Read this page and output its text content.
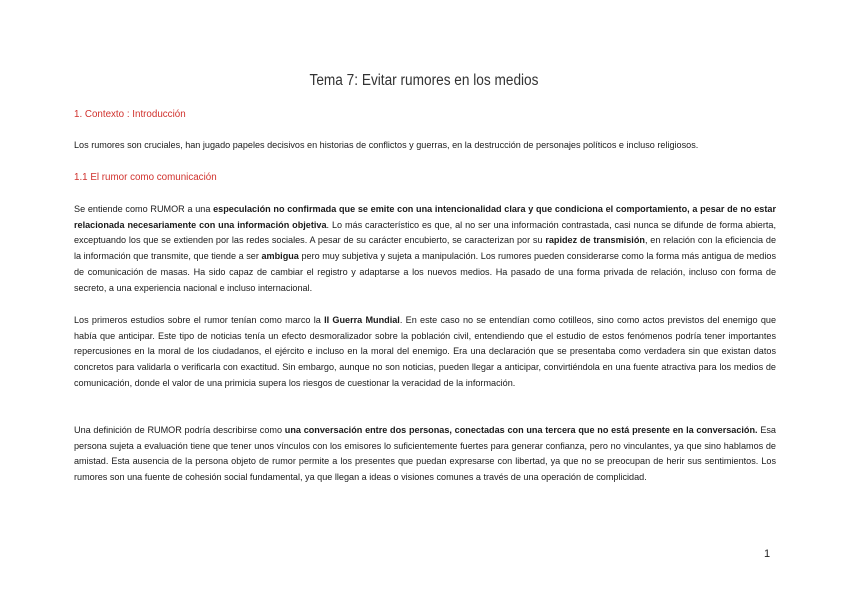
Tema 7: Evitar rumores en los medios
1. Contexto : Introducción

Los rumores son cruciales, han jugado papeles decisivos en historias de conflictos y guerras, en la destrucción de personajes políticos e incluso religiosos.

1.1 El rumor como comunicación

Se entiende como RUMOR a una especulación no confirmada que se emite con una intencionalidad clara y que condiciona el comportamiento, a pesar de no estar relacionada necesariamente con una información objetiva. Lo más característico es que, al no ser una información contrastada, casi nunca se difunde de forma abierta, exceptuando los que se extienden por las redes sociales. A pesar de su carácter encubierto, se caracterizan por su rapidez de transmisión, en relación con la eficiencia de la información que transmite, que tiende a ser ambigua pero muy subjetiva y sujeta a manipulación. Los rumores pueden considerarse como la forma más antigua de medios de comunicación de masas. Ha sido capaz de cambiar el registro y adaptarse a los nuevos medios. Ha pasado de una forma privada de relación, incluso con forma de secreto, a una experiencia nacional e incluso internacional.

Los primeros estudios sobre el rumor tenían como marco la II Guerra Mundial. En este caso no se entendían como cotilleos, sino como actos previstos del enemigo que había que anticipar. Este tipo de noticias tenía un efecto desmoralizador sobre la población civil, entendiendo que el estudio de estos fenómenos podría tener importantes repercusiones en la moral de los ciudadanos, el ejército e incluso en la moral del enemigo. Era una declaración que se presentaba como verdadera sin que existan datos concretos para validarla o verificarla con exactitud. Sin embargo, aunque no son noticias, pueden llegar a anticipar, convirtiéndola en una fuente atractiva para los medios de comunicación, donde el valor de una primicia supera los riesgos de cuestionar la veracidad de la información.

Una definición de RUMOR podría describirse como una conversación entre dos personas, conectadas con una tercera que no está presente en la conversación. Esa persona sujeta a evaluación tiene que tener unos vínculos con los emisores lo suficientemente fuertes para generar confianza, pero no vinculantes, ya que sino hablamos de amistad. Esta ausencia de la persona objeto de rumor permite a los presentes que puedan expresarse con libertad, ya que no se preocupan de herir sus sentimientos. Los rumores son una fuente de cohesión social fundamental, ya que llegan a ideas o visiones comunes a través de una operación de complicidad.

1
